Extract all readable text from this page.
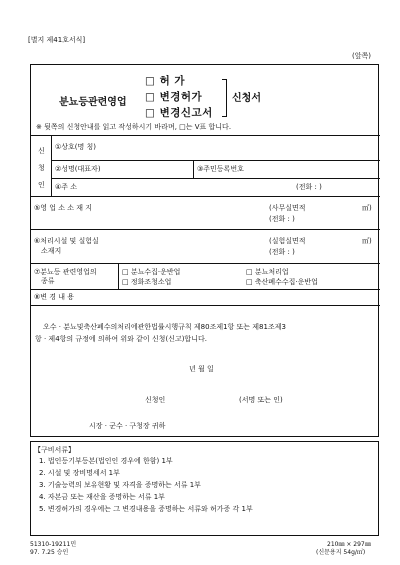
[별지 제41호서식]
(앞쪽)
분뇨등관련영업
□ 허 가
□ 변경허가
□ 변경신고서
신청서
※ 뒷쪽의 신청안내를 읽고 작성하시기 바라며, □는 V표 합니다.
신
청
인
①상호(명 칭)
②성명(대표자)	③주민등록번호
④주 소	(전화 : )
⑤영 업 소 소 재 지	(사무실면적	㎡)
(전화 : )
⑥처리시설 및 실험실
소재지
(실험실면적	㎡)
(전화 : )
⑦분뇨등 관련영업의
종류
□ 분뇨수집·운반업	□ 분뇨처리업
□ 정화조청소업	□ 축산폐수수집·운반업
⑧변 경 내 용
오수 · 분뇨및축산폐수의처리에관한법률시행규칙 제80조제1항 또는 제81조제3
항 · 제4항의 규정에 의하여 위와 같이 신청(신고)합니다.
년 월 일
신청인	(서명 또는 인)
시장 · 군수 · 구청장 귀하
【구비서류】
1. 법인등기부등본(법인인 경우에 한함) 1부
2. 시설 및 장비명세서 1부
3. 기술능력의 보유현황 및 자격을 증명하는 서류 1부
4. 자본금 또는 재산을 증명하는 서류 1부
5. 변경허가의 경우에는 그 변경내용을 증명하는 서류와 허가증 각 1부
51310-19211민
97. 7.25 승인
210㎜ × 297㎜
(신문용지 54g/㎡)
